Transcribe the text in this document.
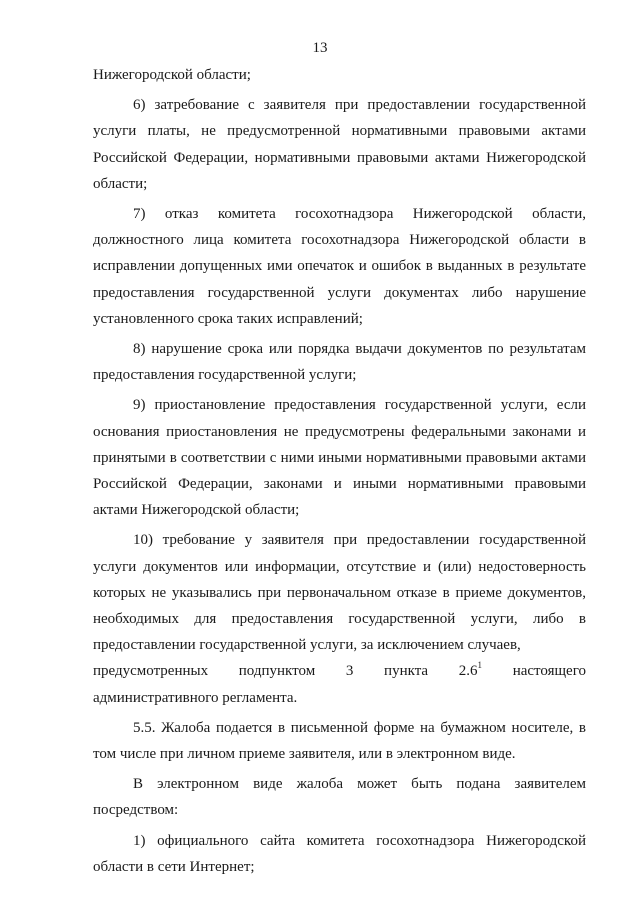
13

Нижегородской области;

6) затребование с заявителя при предоставлении государственной услуги платы, не предусмотренной нормативными правовыми актами Российской Федерации, нормативными правовыми актами Нижегородской области;

7) отказ комитета госохотнадзора Нижегородской области, должностного лица комитета госохотнадзора Нижегородской области в исправлении допущенных ими опечаток и ошибок в выданных в результате предоставления государственной услуги документах либо нарушение установленного срока таких исправлений;

8) нарушение срока или порядка выдачи документов по результатам предоставления государственной услуги;

9) приостановление предоставления государственной услуги, если основания приостановления не предусмотрены федеральными законами и принятыми в соответствии с ними иными нормативными правовыми актами Российской Федерации, законами и иными нормативными правовыми актами Нижегородской области;

10) требование у заявителя при предоставлении государственной услуги документов или информации, отсутствие и (или) недостоверность которых не указывались при первоначальном отказе в приеме документов, необходимых для предоставления государственной услуги, либо в предоставлении государственной услуги, за исключением случаев,

предусмотренных подпунктом 3 пункта $2.6^1$ настоящего

административного регламента.

5.5. Жалоба подается в письменной форме на бумажном носителе, в том числе при личном приеме заявителя, или в электронном виде.

В электронном виде жалоба может быть подана заявителем посредством:

1) официального сайта комитета госохотнадзора Нижегородской области в сети Интернет;
